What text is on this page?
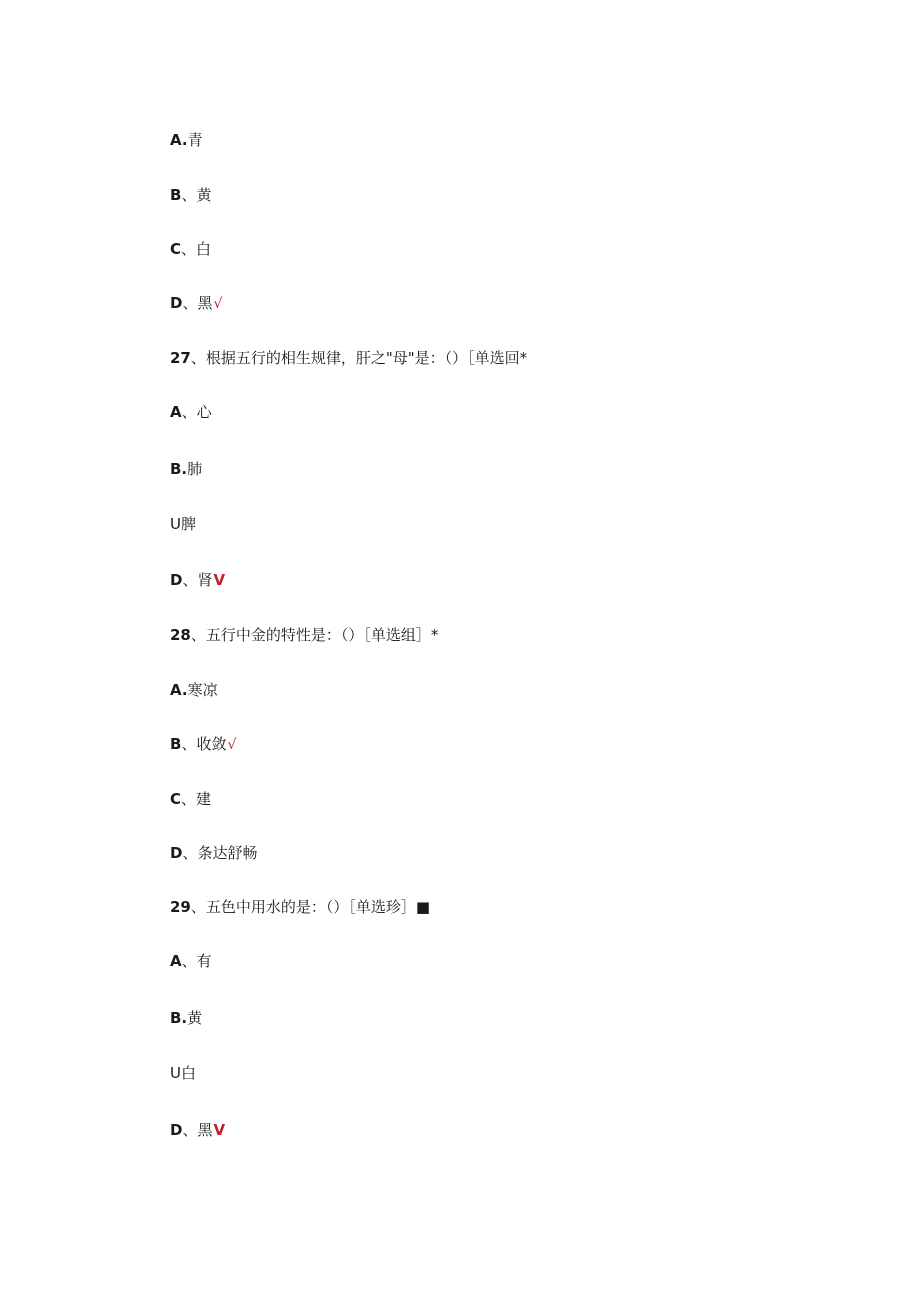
A.青
B、黄
C、白
D、黑√
27、根据五行的相生规律，肝之"母"是：（）［单选回*
A、心
B.肺
U脾
D、肾V
28、五行中金的特性是：（）［单选组］*
A.寒凉
B、收敛√
C、建
D、条达舒畅
29、五色中用水的是：（）［单选珍］■
A、有
B.黄
U白
D、黑V
